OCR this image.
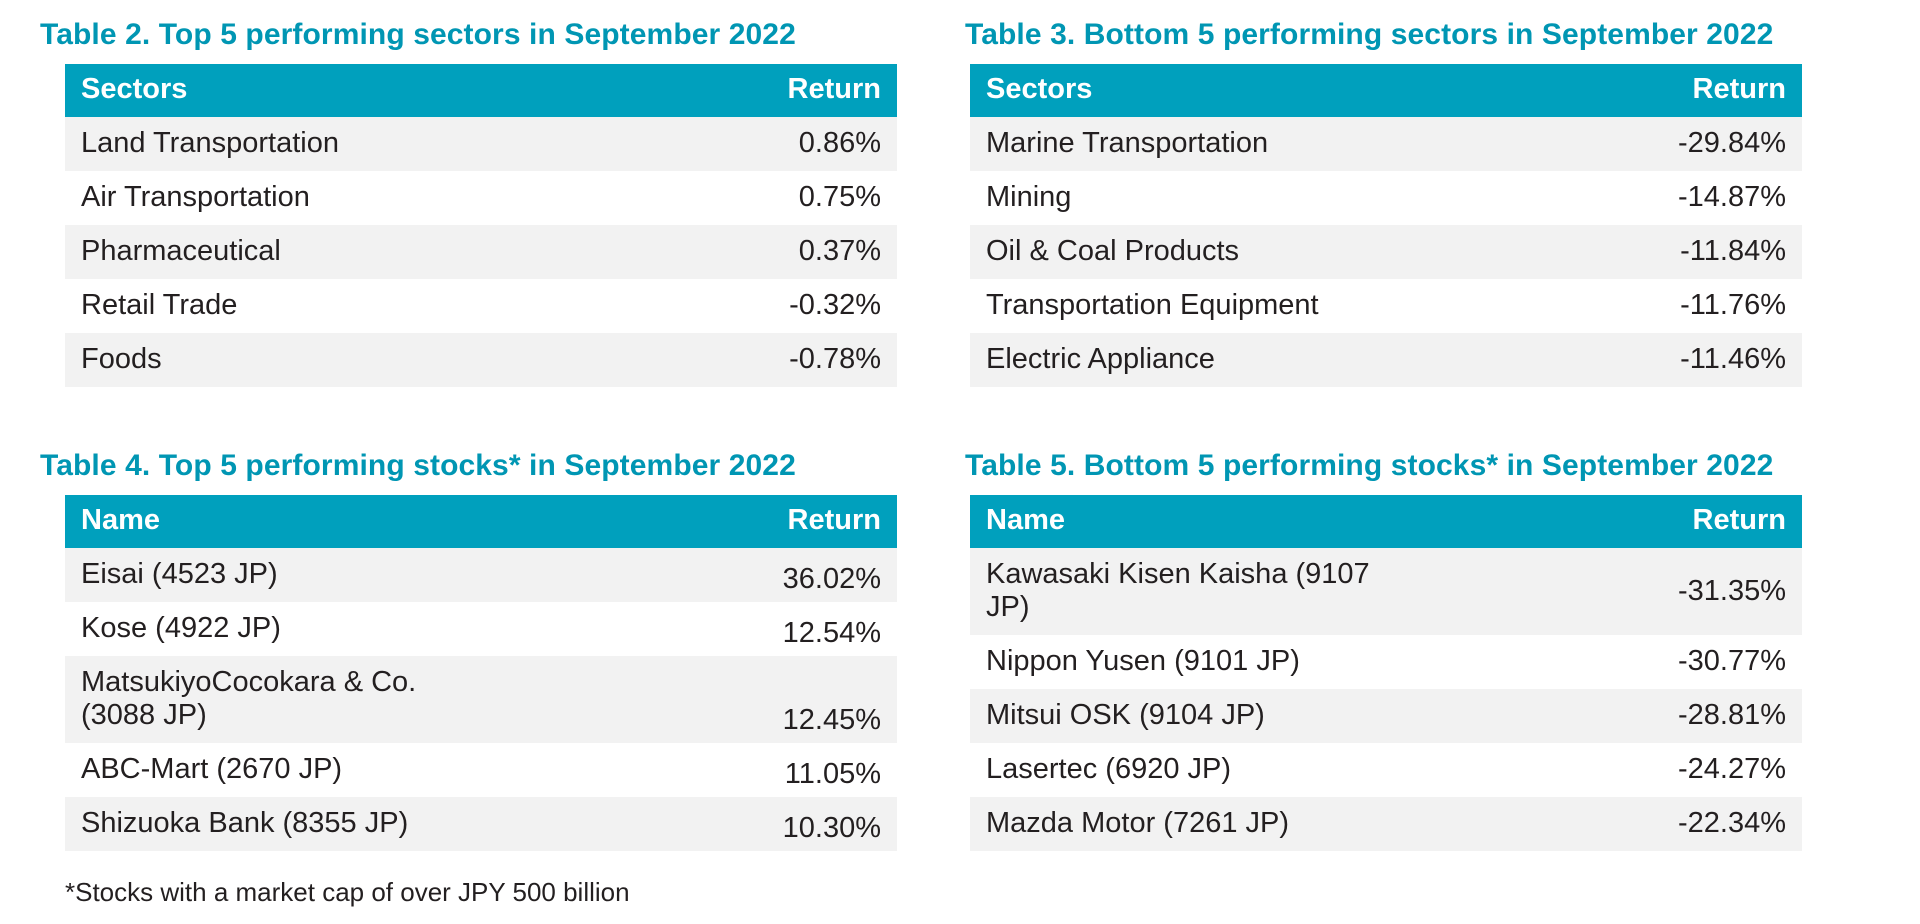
Table 2. Top 5 performing sectors in September 2022
Sectors	Return
Land Transportation	0.86%
Air Transportation	0.75%
Pharmaceutical	0.37%
Retail Trade	-0.32%
Foods	-0.78%
Table 3. Bottom 5 performing sectors in September 2022
Sectors	Return
Marine Transportation	-29.84%
Mining	-14.87%
Oil & Coal Products	-11.84%
Transportation Equipment	-11.76%
Electric Appliance	-11.46%
Table 4. Top 5 performing stocks* in September 2022
Name	Return
Eisai (4523 JP)	36.02%
Kose (4922 JP)	12.54%
MatsukiyoCocokara & Co. (3088 JP)	12.45%
ABC-Mart (2670 JP)	11.05%
Shizuoka Bank (8355 JP)	10.30%
*Stocks with a market cap of over JPY 500 billion
Table 5. Bottom 5 performing stocks* in September 2022
Name	Return
Kawasaki Kisen Kaisha (9107 JP)	-31.35%
Nippon Yusen (9101 JP)	-30.77%
Mitsui OSK (9104 JP)	-28.81%
Lasertec (6920 JP)	-24.27%
Mazda Motor (7261 JP)	-22.34%
